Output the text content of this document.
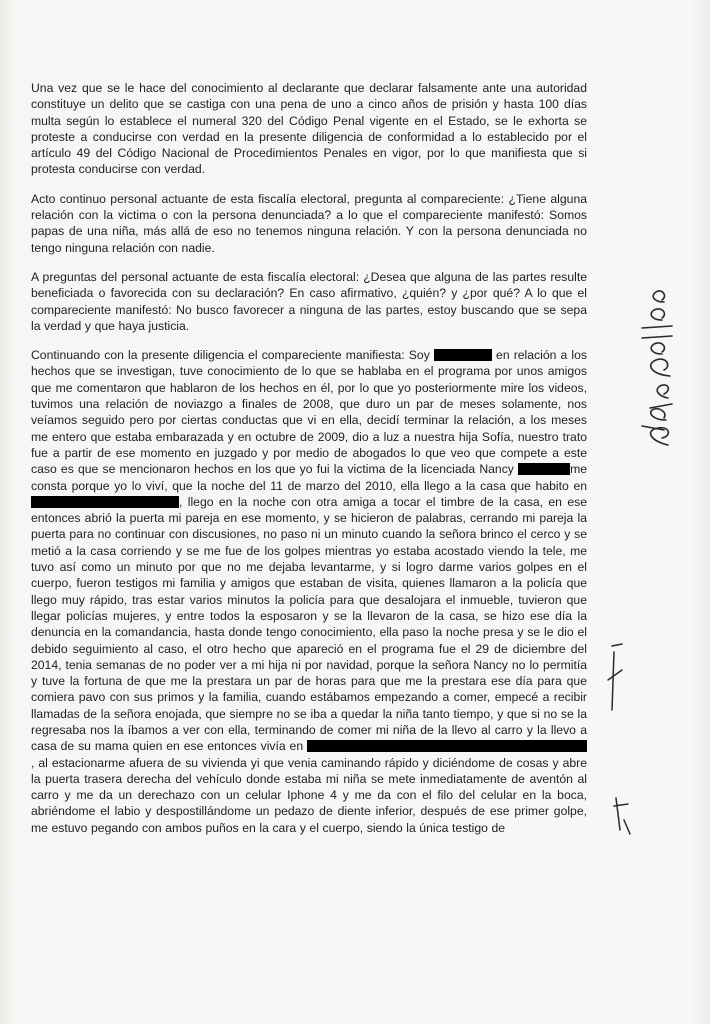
Una vez que se le hace del conocimiento al declarante que declarar falsamente ante una autoridad constituye un delito que se castiga con una pena de uno a cinco años de prisión y hasta 100 días multa según lo establece el numeral 320 del Código Penal vigente en el Estado, se le exhorta se proteste a conducirse con verdad en la presente diligencia de conformidad a lo establecido por el artículo 49 del Código Nacional de Procedimientos Penales en vigor, por lo que manifiesta que si protesta conducirse con verdad.

Acto continuo personal actuante de esta fiscalía electoral, pregunta al compareciente: ¿Tiene alguna relación con la victima o con la persona denunciada? a lo que el compareciente manifestó: Somos papas de una niña, más allá de eso no tenemos ninguna relación. Y con la persona denunciada no tengo ninguna relación con nadie.

A preguntas del personal actuante de esta fiscalía electoral: ¿Desea que alguna de las partes resulte beneficiada o favorecida con su declaración? En caso afirmativo, ¿quién? y ¿por qué? A lo que el compareciente manifestó: No busco favorecer a ninguna de las partes, estoy buscando que se sepa la verdad y que haya justicia.

Continuando con la presente diligencia el compareciente manifiesta: Soy	en relación a los hechos que se investigan, tuve conocimiento de lo que se hablaba en el programa por unos amigos que me comentaron que hablaron de los hechos en él, por lo que yo posteriormente mire los videos, tuvimos una relación de noviazgo a finales de 2008, que duro un par de meses solamente, nos veíamos seguido pero por ciertas conductas que vi en ella, decidí terminar la relación, a los meses me entero que estaba embarazada y en octubre de 2009, dio a luz a nuestra hija Sofía, nuestro trato fue a partir de ese momento en juzgado y por medio de abogados lo que veo que compete a este caso es que se mencionaron hechos en los que yo fui la victima de la licenciada Nancy	me consta porque yo lo viví, que la noche del 11 de marzo del 2010, ella llego a la casa que habito en , llego en la noche con otra amiga a tocar el timbre de la casa, en ese entonces abrió la puerta mi pareja en ese momento, y se hicieron de palabras, cerrando mi pareja la puerta para no continuar con discusiones, no paso ni un minuto cuando la señora brinco el cerco y se metió a la casa corriendo y se me fue de los golpes mientras yo estaba acostado viendo la tele, me tuvo así como un minuto por que no me dejaba levantarme, y si logro darme varios golpes en el cuerpo, fueron testigos mi familia y amigos que estaban de visita, quienes llamaron a la policía que llego muy rápido, tras estar varios minutos la policía para que desalojara el inmueble, tuvieron que llegar policías mujeres, y entre todos la esposaron y se la llevaron de la casa, se hizo ese día la denuncia en la comandancia, hasta donde tengo conocimiento, ella paso la noche presa y se le dio el debido seguimiento al caso, el otro hecho que apareció en el programa fue el 29 de diciembre del 2014, tenia semanas de no poder ver a mi hija ni por navidad, porque la señora Nancy no lo permitía y tuve la fortuna de que me la prestara un par de horas para que me la prestara ese día para que comiera pavo con sus primos y la familia, cuando estábamos empezando a comer, empecé a recibir llamadas de la señora enojada, que siempre no se iba a quedar la niña tanto tiempo, y que si no se la regresaba nos la íbamos a ver con ella, terminando de comer mi niña de la llevo al carro y la llevo a casa de su mama quien en ese entonces vivía en , al estacionarme afuera de su vivienda yi que venia caminando rápido y diciéndome de cosas y abre la puerta trasera derecha del vehículo donde estaba mi niña se mete inmediatamente de aventón al carro y me da un derechazo con un celular Iphone 4 y me da con el filo del celular en la boca, abriéndome el labio y despostillándome un pedazo de diente inferior, después de ese primer golpe, me estuvo pegando con ambos puños en la cara y el cuerpo, siendo la única testigo de
